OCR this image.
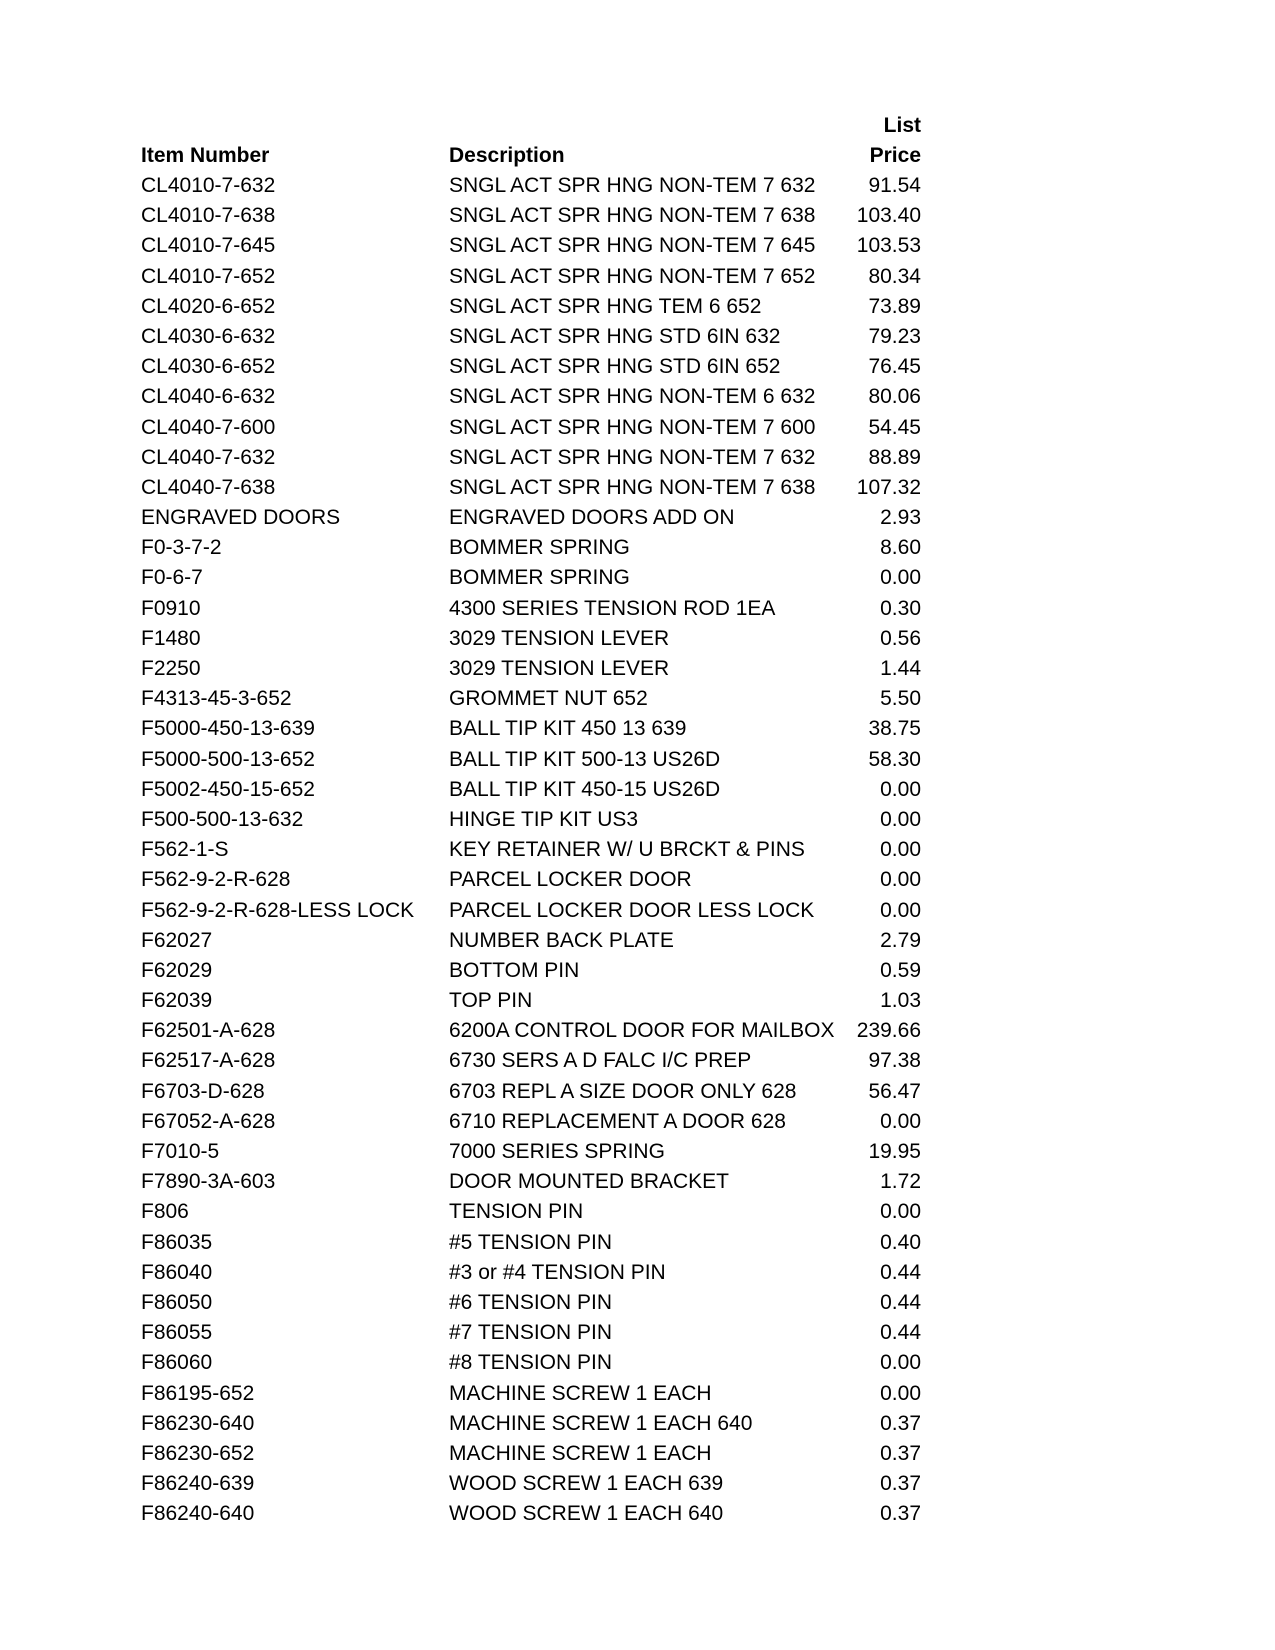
Item Number	Description
List
Price
CL4010-7-632	SNGL ACT SPR HNG NON-TEM 7 632	91.54
CL4010-7-638	SNGL ACT SPR HNG NON-TEM 7 638 103.40
CL4010-7-645	SNGL ACT SPR HNG NON-TEM 7 645 103.53
CL4010-7-652	SNGL ACT SPR HNG NON-TEM 7 652	80.34
CL4020-6-652	SNGL ACT SPR HNG TEM 6 652	73.89
CL4030-6-632	SNGL ACT SPR HNG STD 6IN 632	79.23
CL4030-6-652	SNGL ACT SPR HNG STD 6IN 652	76.45
CL4040-6-632	SNGL ACT SPR HNG NON-TEM 6 632	80.06
CL4040-7-600	SNGL ACT SPR HNG NON-TEM 7 600	54.45
CL4040-7-632	SNGL ACT SPR HNG NON-TEM 7 632	88.89
CL4040-7-638	SNGL ACT SPR HNG NON-TEM 7 638 107.32
ENGRAVED DOORS	ENGRAVED DOORS ADD ON	2.93
F0-3-7-2	BOMMER SPRING	8.60
F0-6-7	BOMMER SPRING	0.00
F0910	4300 SERIES TENSION ROD 1EA	0.30
F1480	3029 TENSION LEVER	0.56
F2250	3029 TENSION LEVER	1.44
F4313-45-3-652	GROMMET NUT 652	5.50
F5000-450-13-639	BALL TIP KIT 450 13 639	38.75
F5000-500-13-652	BALL TIP KIT 500-13 US26D	58.30
F5002-450-15-652	BALL TIP KIT 450-15 US26D	0.00
F500-500-13-632	HINGE TIP KIT US3	0.00
F562-1-S	KEY RETAINER W/ U BRCKT & PINS	0.00
F562-9-2-R-628	PARCEL LOCKER DOOR	0.00
F562-9-2-R-628-LESS LOCK PARCEL LOCKER DOOR LESS LOCK	0.00
F62027	NUMBER BACK PLATE	2.79
F62029	BOTTOM PIN	0.59
F62039	TOP PIN	1.03
F62501-A-628	6200A CONTROL DOOR FOR MAILBOX 239.66
F62517-A-628	6730 SERS A D FALC I/C PREP	97.38
F6703-D-628	6703 REPL A SIZE DOOR ONLY 628	56.47
F67052-A-628	6710 REPLACEMENT A DOOR 628	0.00
F7010-5	7000 SERIES SPRING	19.95
F7890-3A-603	DOOR MOUNTED BRACKET	1.72
F806	TENSION PIN	0.00
F86035	#5 TENSION PIN	0.40
F86040	#3 or #4 TENSION PIN	0.44
F86050	#6 TENSION PIN	0.44
F86055	#7 TENSION PIN	0.44
F86060	#8 TENSION PIN	0.00
F86195-652	MACHINE SCREW 1 EACH	0.00
F86230-640	MACHINE SCREW 1 EACH 640	0.37
F86230-652	MACHINE SCREW 1 EACH	0.37
F86240-639	WOOD SCREW 1 EACH 639	0.37
F86240-640	WOOD SCREW 1 EACH 640	0.37
